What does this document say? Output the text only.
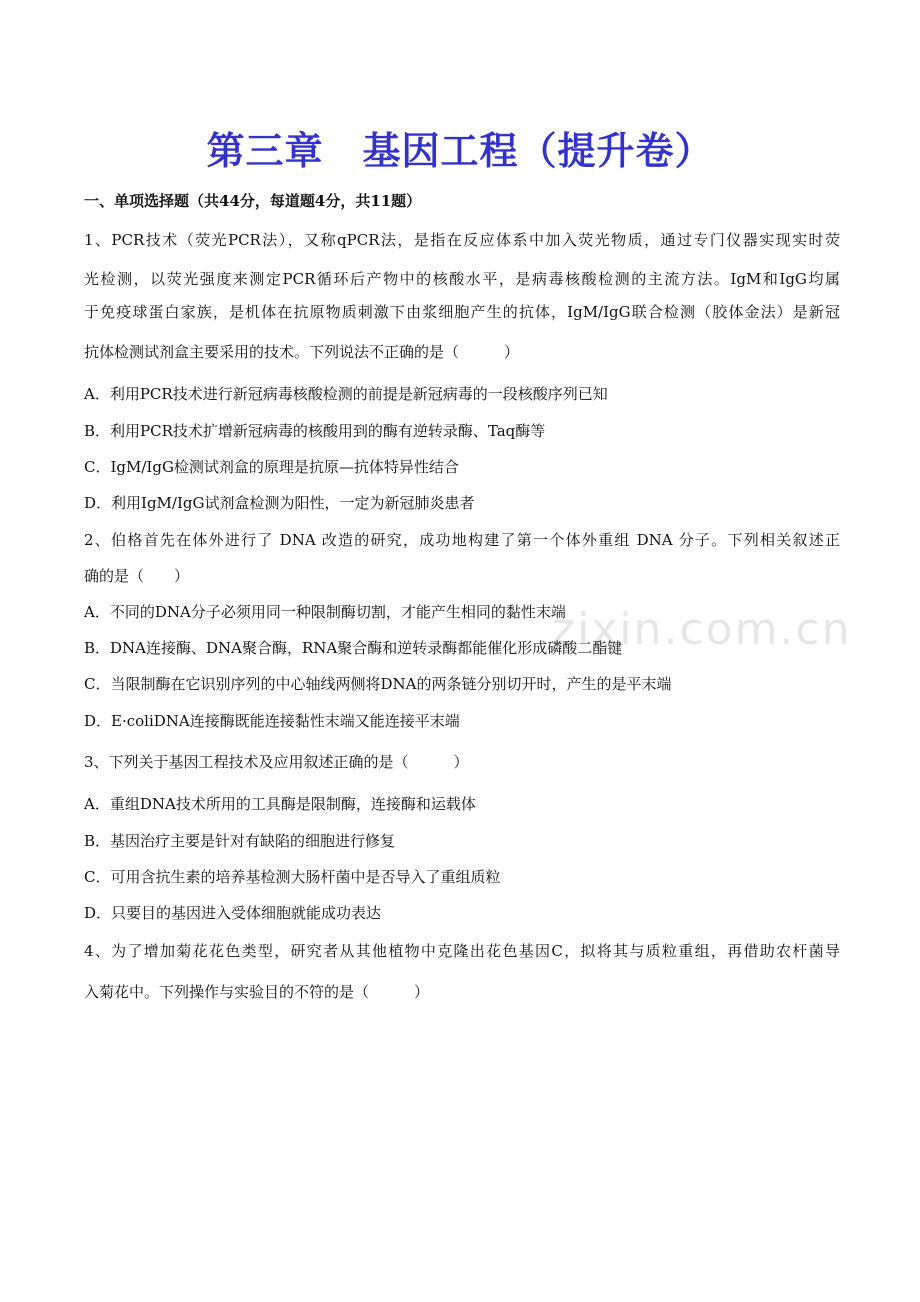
zixin.com.cn
第三章　基因工程（提升卷）
一、单项选择题（共44分，每道题4分，共11题）
1、PCR技术（荧光PCR法），又称qPCR法，是指在反应体系中加入荧光物质，通过专门仪器实现实时荧
光检测，以荧光强度来测定PCR循环后产物中的核酸水平，是病毒核酸检测的主流方法。IgM和IgG均属
于免疫球蛋白家族，是机体在抗原物质刺激下由浆细胞产生的抗体，IgM/IgG联合检测（胶体金法）是新冠
抗体检测试剂盒主要采用的技术。下列说法不正确的是（　　　）
A．利用PCR技术进行新冠病毒核酸检测的前提是新冠病毒的一段核酸序列已知
B．利用PCR技术扩增新冠病毒的核酸用到的酶有逆转录酶、Taq酶等
C．IgM/IgG检测试剂盒的原理是抗原—抗体特异性结合
D．利用IgM/IgG试剂盒检测为阳性，一定为新冠肺炎患者
2、伯格首先在体外进行了 DNA 改造的研究，成功地构建了第一个体外重组 DNA 分子。下列相关叙述正
确的是（　　）
A．不同的DNA分子必须用同一种限制酶切割，才能产生相同的黏性末端
B．DNA连接酶、DNA聚合酶，RNA聚合酶和逆转录酶都能催化形成磷酸二酯键
C．当限制酶在它识别序列的中心轴线两侧将DNA的两条链分别切开时，产生的是平末端
D．E·coliDNA连接酶既能连接黏性末端又能连接平末端
3、下列关于基因工程技术及应用叙述正确的是（　　　）
A．重组DNA技术所用的工具酶是限制酶，连接酶和运载体
B．基因治疗主要是针对有缺陷的细胞进行修复
C．可用含抗生素的培养基检测大肠杆菌中是否导入了重组质粒
D．只要目的基因进入受体细胞就能成功表达
4、为了增加菊花花色类型，研究者从其他植物中克隆出花色基因C，拟将其与质粒重组，再借助农杆菌导
入菊花中。下列操作与实验目的不符的是（　　　）
